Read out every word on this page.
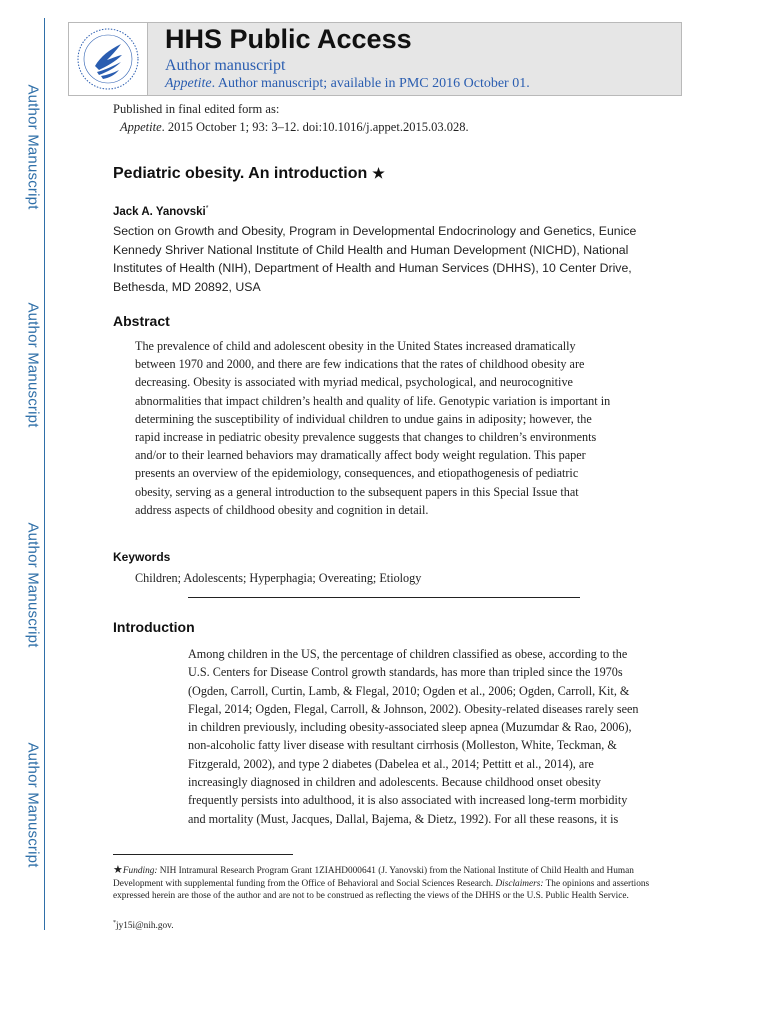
Author Manuscript
Author Manuscript
Author Manuscript
Author Manuscript
HHS Public Access
Author manuscript
Appetite. Author manuscript; available in PMC 2016 October 01.
Published in final edited form as:
Appetite. 2015 October 1; 93: 3–12. doi:10.1016/j.appet.2015.03.028.
Pediatric obesity. An introduction ★
Jack A. Yanovski*
Section on Growth and Obesity, Program in Developmental Endocrinology and Genetics, Eunice
Kennedy Shriver National Institute of Child Health and Human Development (NICHD), National
Institutes of Health (NIH), Department of Health and Human Services (DHHS), 10 Center Drive,
Bethesda, MD 20892, USA
Abstract
The prevalence of child and adolescent obesity in the United States increased dramatically
between 1970 and 2000, and there are few indications that the rates of childhood obesity are
decreasing. Obesity is associated with myriad medical, psychological, and neurocognitive
abnormalities that impact children’s health and quality of life. Genotypic variation is important in
determining the susceptibility of individual children to undue gains in adiposity; however, the
rapid increase in pediatric obesity prevalence suggests that changes to children’s environments
and/or to their learned behaviors may dramatically affect body weight regulation. This paper
presents an overview of the epidemiology, consequences, and etiopathogenesis of pediatric
obesity, serving as a general introduction to the subsequent papers in this Special Issue that
address aspects of childhood obesity and cognition in detail.
Keywords
Children; Adolescents; Hyperphagia; Overeating; Etiology
Introduction
Among children in the US, the percentage of children classified as obese, according to the
U.S. Centers for Disease Control growth standards, has more than tripled since the 1970s
(Ogden, Carroll, Curtin, Lamb, & Flegal, 2010; Ogden et al., 2006; Ogden, Carroll, Kit, &
Flegal, 2014; Ogden, Flegal, Carroll, & Johnson, 2002). Obesity-related diseases rarely seen
in children previously, including obesity-associated sleep apnea (Muzumdar & Rao, 2006),
non-alcoholic fatty liver disease with resultant cirrhosis (Molleston, White, Teckman, &
Fitzgerald, 2002), and type 2 diabetes (Dabelea et al., 2014; Pettitt et al., 2014), are
increasingly diagnosed in children and adolescents. Because childhood onset obesity
frequently persists into adulthood, it is also associated with increased long-term morbidity
and mortality (Must, Jacques, Dallal, Bajema, & Dietz, 1992). For all these reasons, it is
★Funding: NIH Intramural Research Program Grant 1ZIAHD000641 (J. Yanovski) from the National Institute of Child Health and Human Development with supplemental funding from the Office of Behavioral and Social Sciences Research. Disclaimers: The opinions and assertions expressed herein are those of the author and are not to be construed as reflecting the views of the DHHS or the U.S. Public Health Service.
*jy15i@nih.gov.
